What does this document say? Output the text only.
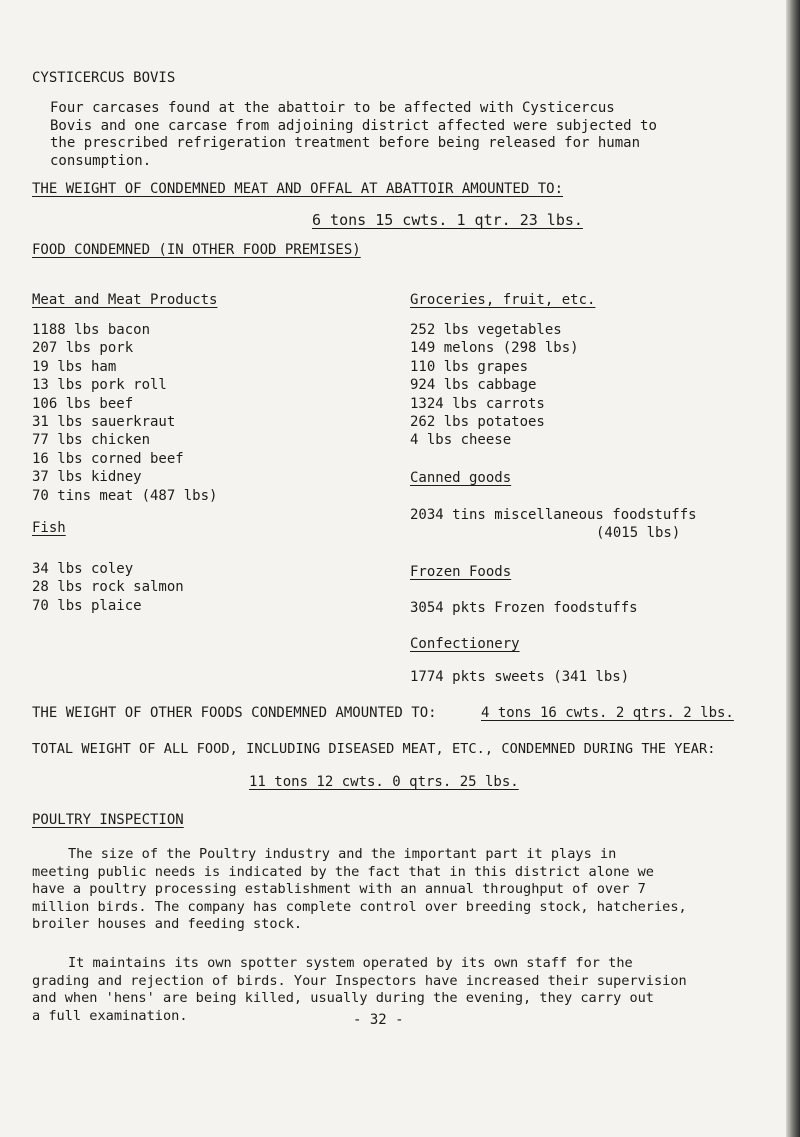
CYSTICERCUS BOVIS
Four carcases found at the abattoir to be affected with Cysticercus
Bovis and one carcase from adjoining district affected were subjected to
the prescribed refrigeration treatment before being released for human
consumption.
THE WEIGHT OF CONDEMNED MEAT AND OFFAL AT ABATTOIR AMOUNTED TO:
6 tons 15 cwts. 1 qtr. 23 lbs.
FOOD CONDEMNED (IN OTHER FOOD PREMISES)
Meat and Meat Products
1188 lbs bacon
207 lbs pork
19 lbs ham
13 lbs pork roll
106 lbs beef
31 lbs sauerkraut
77 lbs chicken
16 lbs corned beef
37 lbs kidney
70 tins meat (487 lbs)
Fish
34 lbs coley
28 lbs rock salmon
70 lbs plaice
Groceries, fruit, etc.
252 lbs vegetables
149 melons (298 lbs)
110 lbs grapes
924 lbs cabbage
1324 lbs carrots
262 lbs potatoes
4 lbs cheese
Canned goods
2034 tins miscellaneous foodstuffs
(4015 lbs)
Frozen Foods
3054 pkts Frozen foodstuffs
Confectionery
1774 pkts sweets (341 lbs)
THE WEIGHT OF OTHER FOODS CONDEMNED AMOUNTED TO:	4 tons 16 cwts. 2 qtrs. 2 lbs.
TOTAL WEIGHT OF ALL FOOD, INCLUDING DISEASED MEAT, ETC., CONDEMNED DURING THE YEAR:
11 tons 12 cwts. 0 qtrs. 25 lbs.
POULTRY INSPECTION
The size of the Poultry industry and the important part it plays in
meeting public needs is indicated by the fact that in this district alone we
have a poultry processing establishment with an annual throughput of over 7
million birds. The company has complete control over breeding stock, hatcheries,
broiler houses and feeding stock.
It maintains its own spotter system operated by its own staff for the
grading and rejection of birds. Your Inspectors have increased their supervision
and when 'hens' are being killed, usually during the evening, they carry out
a full examination.	- 32 -
